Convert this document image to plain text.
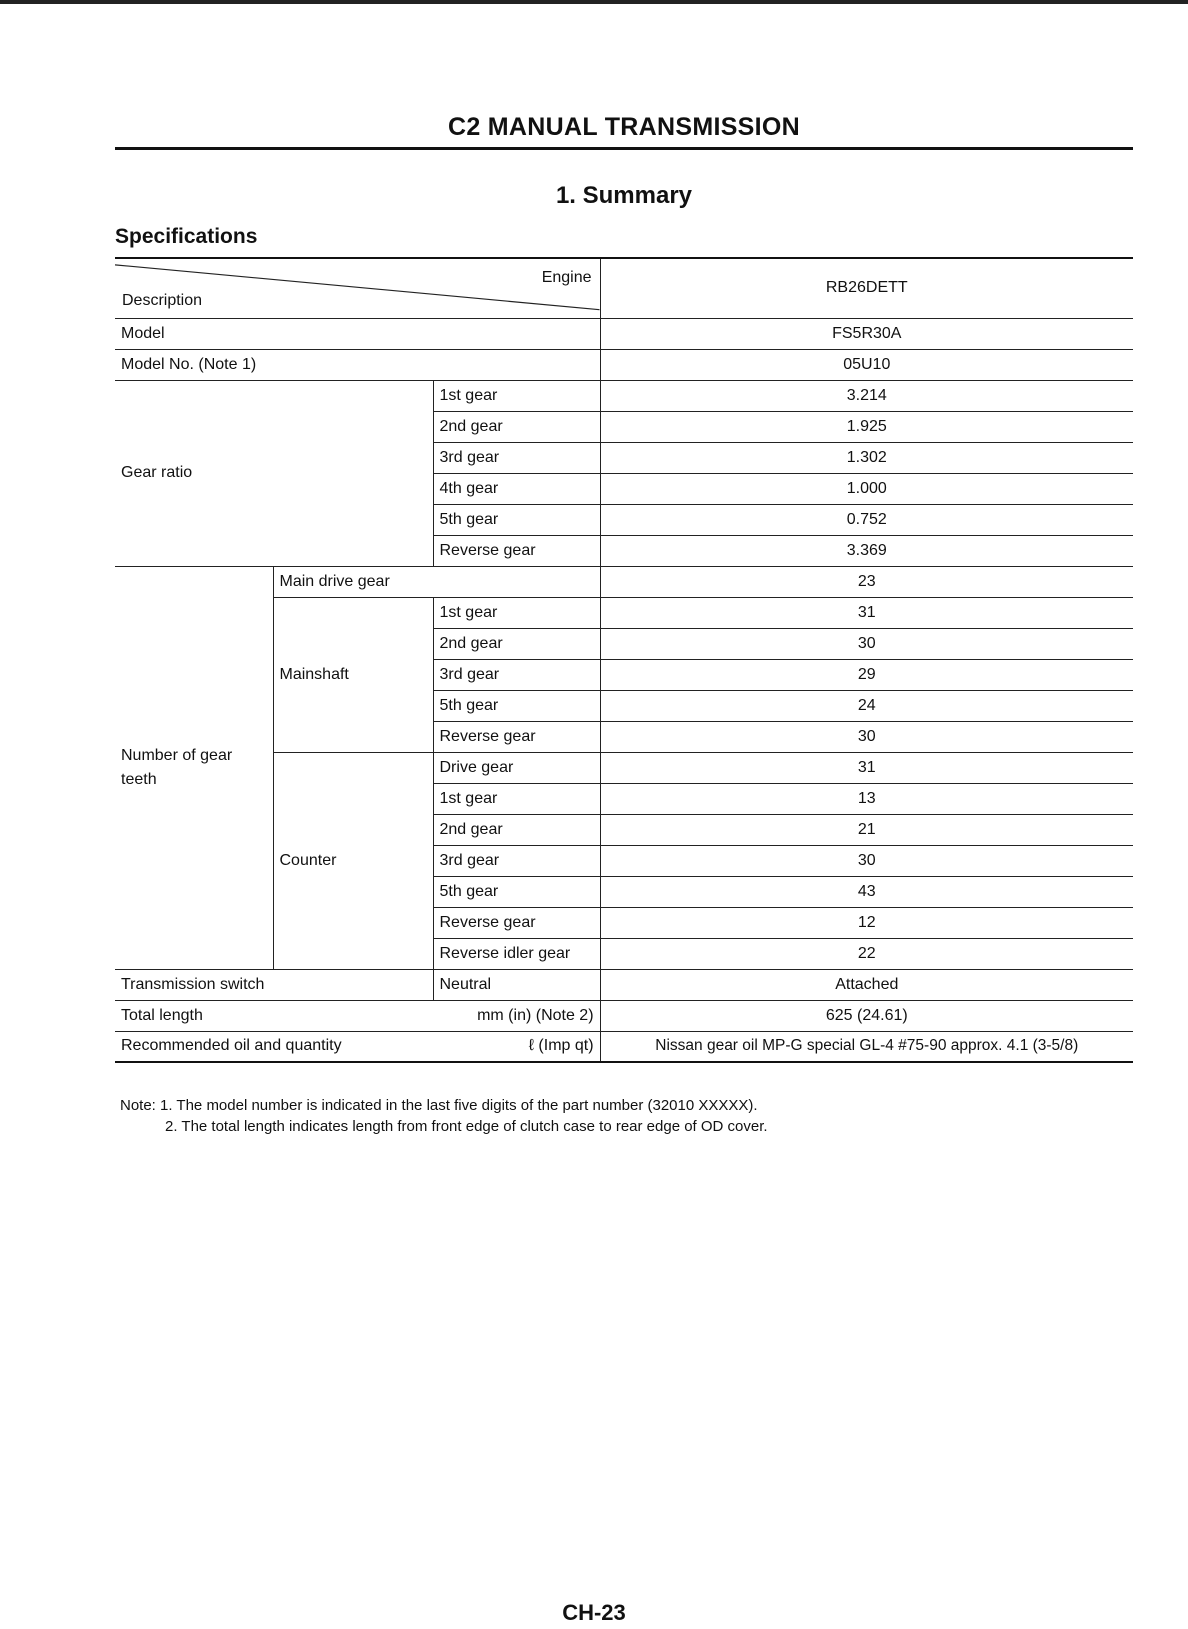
C2 MANUAL TRANSMISSION
1. Summary
Specifications
Engine
Description			RB26DETT
Model			FS5R30A
Model No. (Note 1)			05U10
Gear ratio		1st gear	3.214
		2nd gear	1.925
		3rd gear	1.302
		4th gear	1.000
		5th gear	0.752
		Reverse gear	3.369
Number of gear teeth	Main drive gear		23
	Mainshaft	1st gear	31
		2nd gear	30
		3rd gear	29
		5th gear	24
		Reverse gear	30
	Counter	Drive gear	31
		1st gear	13
		2nd gear	21
		3rd gear	30
		5th gear	43
		Reverse gear	12
		Reverse idler gear	22
Transmission switch		Neutral	Attached
Total length		mm (in) (Note 2)	625 (24.61)
Recommended oil and quantity		ℓ (Imp qt)	Nissan gear oil MP-G special GL-4 #75-90 approx. 4.1 (3-5/8)
Note: 1. The model number is indicated in the last five digits of the part number (32010 XXXXX).
2. The total length indicates length from front edge of clutch case to rear edge of OD cover.
CH-23
